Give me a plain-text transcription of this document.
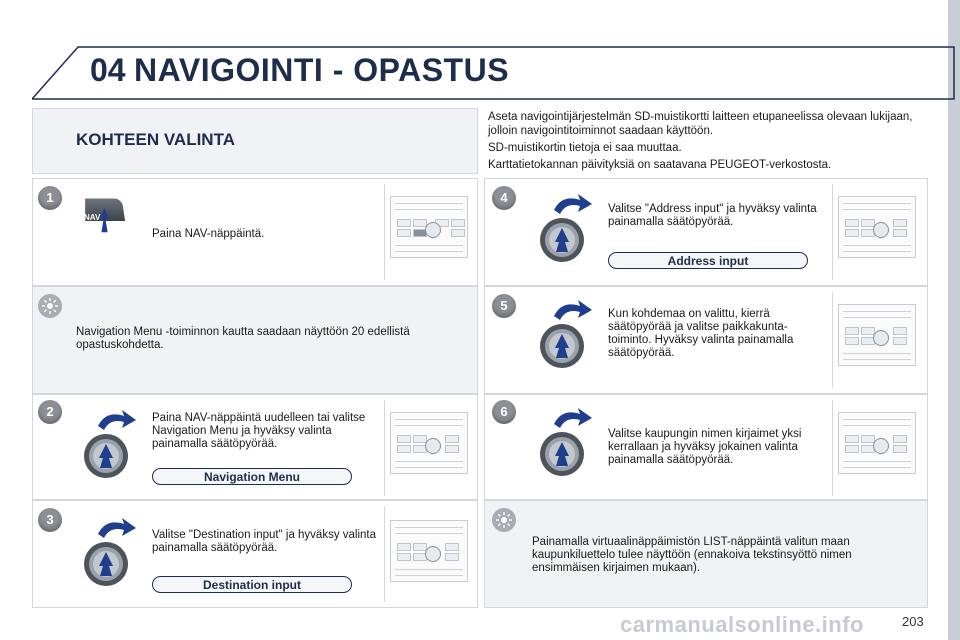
04 NAVIGOINTI - OPASTUS
KOHTEEN VALINTA

Aseta navigointijärjestelmän SD-muistikortti laitteen etupaneelissa olevaan lukijaan, jolloin navigointitoiminnot saadaan käyttöön.

SD-muistikortin tietoja ei saa muuttaa.

Karttatietokannan päivityksiä on saatavana PEUGEOT-verkostosta.

1
2
3
4
5
6
NAV
Paina NAV-näppäintä.
Navigation Menu -toiminnon kautta saadaan näyttöön 20 edellistä opastuskohdetta.
Paina NAV-näppäintä uudelleen tai valitse Navigation Menu ja hyväksy valinta painamalla säätöpyörää.
Valitse "Destination input" ja hyväksy valinta painamalla säätöpyörää.
Valitse "Address input" ja hyväksy valinta painamalla säätöpyörää.
Kun kohdemaa on valittu, kierrä säätöpyörää ja valitse paikkakunta-toiminto. Hyväksy valinta painamalla säätöpyörää.
Valitse kaupungin nimen kirjaimet yksi kerrallaan ja hyväksy jokainen valinta painamalla säätöpyörää.
Painamalla virtuaalinäppäimistön LIST-näppäintä valitun maan kaupunkiluettelo tulee näyttöön (ennakoiva tekstinsyöttö nimen ensimmäisen kirjaimen mukaan).
Navigation Menu
Destination input
Address input
carmanualsonline.info	203
